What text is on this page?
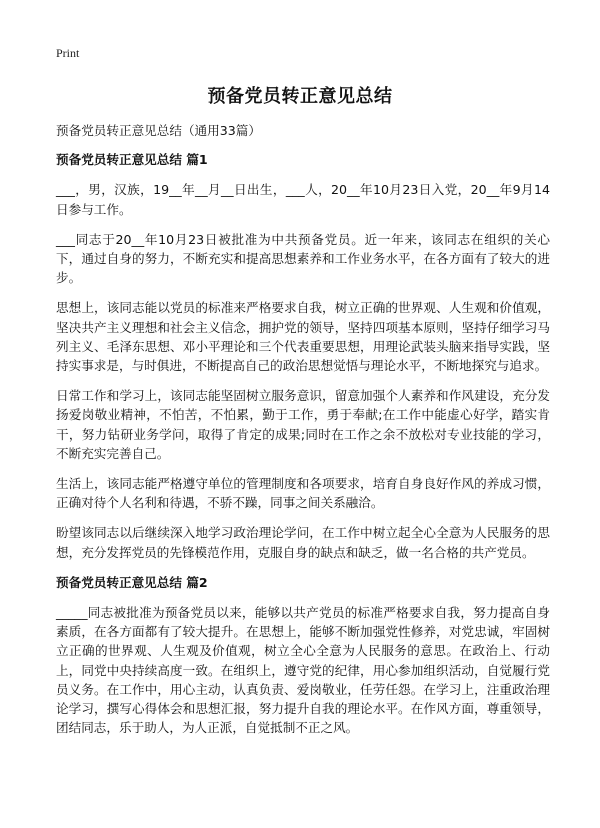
Print
预备党员转正意见总结

预备党员转正意见总结（通用33篇）

预备党员转正意见总结 篇1

___，男，汉族，19__年__月__日出生，___人，20__年10月23日入党，20__年9月14日参与工作。

___同志于20__年10月23日被批准为中共预备党员。近一年来，该同志在组织的关心下，通过自身的努力，不断充实和提高思想素养和工作业务水平，在各方面有了较大的进步。

思想上，该同志能以党员的标准来严格要求自我，树立正确的世界观、人生观和价值观，坚决共产主义理想和社会主义信念，拥护党的领导，坚持四项基本原则，坚持仔细学习马列主义、毛泽东思想、邓小平理论和三个代表重要思想，用理论武装头脑来指导实践，坚持实事求是，与时俱进，不断提高自己的政治思想觉悟与理论水平，不断地探究与追求。

日常工作和学习上，该同志能坚固树立服务意识，留意加强个人素养和作风建设，充分发扬爱岗敬业精神，不怕苦，不怕累，勤于工作，勇于奉献;在工作中能虚心好学，踏实肯干，努力钻研业务学问，取得了肯定的成果;同时在工作之余不放松对专业技能的学习，不断充实完善自己。

生活上，该同志能严格遵守单位的管理制度和各项要求，培育自身良好作风的养成习惯，正确对待个人名利和待遇，不骄不躁，同事之间关系融洽。

盼望该同志以后继续深入地学习政治理论学问，在工作中树立起全心全意为人民服务的思想，充分发挥党员的先锋模范作用，克服自身的缺点和缺乏，做一名合格的共产党员。

预备党员转正意见总结 篇2

_____同志被批准为预备党员以来，能够以共产党员的标准严格要求自我，努力提高自身素质，在各方面都有了较大提升。在思想上，能够不断加强党性修养，对党忠诚，牢固树立正确的世界观、人生观及价值观，树立全心全意为人民服务的意思。在政治上、行动上，同党中央持续高度一致。在组织上，遵守党的纪律，用心参加组织活动，自觉履行党员义务。在工作中，用心主动，认真负责、爱岗敬业，任劳任怨。在学习上，注重政治理论学习，撰写心得体会和思想汇报，努力提升自我的理论水平。在作风方面，尊重领导，团结同志，乐于助人，为人正派，自觉抵制不正之风。
